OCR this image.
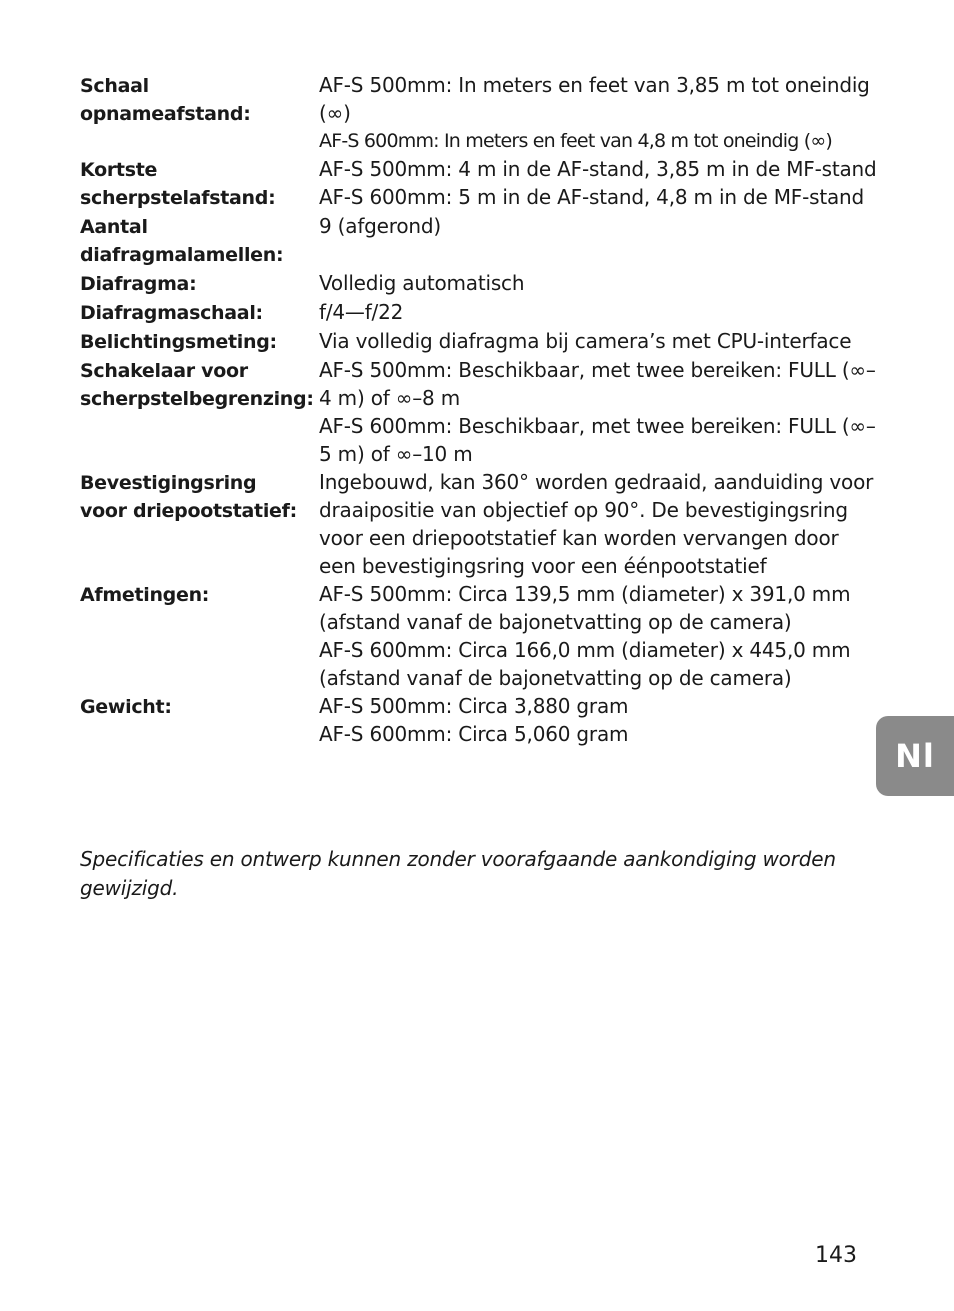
Schaal opnameafstand:
AF-S 500mm: In meters en feet van 3,85 m tot oneindig (∞)
AF-S 600mm: In meters en feet van 4,8 m tot oneindig (∞)
Kortste
scherpstelafstand:
AF-S 500mm: 4 m in de AF-stand, 3,85 m in de MF-stand
AF-S 600mm: 5 m in de AF-stand, 4,8 m in de MF-stand
Aantal
diafragmalamellen:
9 (afgerond)
Diafragma:	Volledig automatisch
Diafragmaschaal:	f/4—f/22
Belichtingsmeting:	Via volledig diafragma bij camera’s met CPU-interface
Schakelaar voor
scherpstelbegrenzing:
AF-S 500mm: Beschikbaar, met twee bereiken: FULL (∞–4 m) of ∞–8 m
AF-S 600mm: Beschikbaar, met twee bereiken: FULL (∞–5 m) of ∞–10 m
Bevestigingsring
voor driepootstatief:
Ingebouwd, kan 360° worden gedraaid, aanduiding voor draaipositie van objectief op 90°. De bevestigingsring voor een driepootstatief kan worden vervangen door een bevestigingsring voor een éénpootstatief
Afmetingen:	AF-S 500mm: Circa 139,5 mm (diameter) x 391,0 mm (afstand vanaf de bajonetvatting op de camera)
AF-S 600mm: Circa 166,0 mm (diameter) x 445,0 mm (afstand vanaf de bajonetvatting op de camera)
Gewicht:	AF-S 500mm: Circa 3,880 gram
AF-S 600mm: Circa 5,060 gram
Specificaties en ontwerp kunnen zonder voorafgaande aankondiging worden gewijzigd.
Nl
143
